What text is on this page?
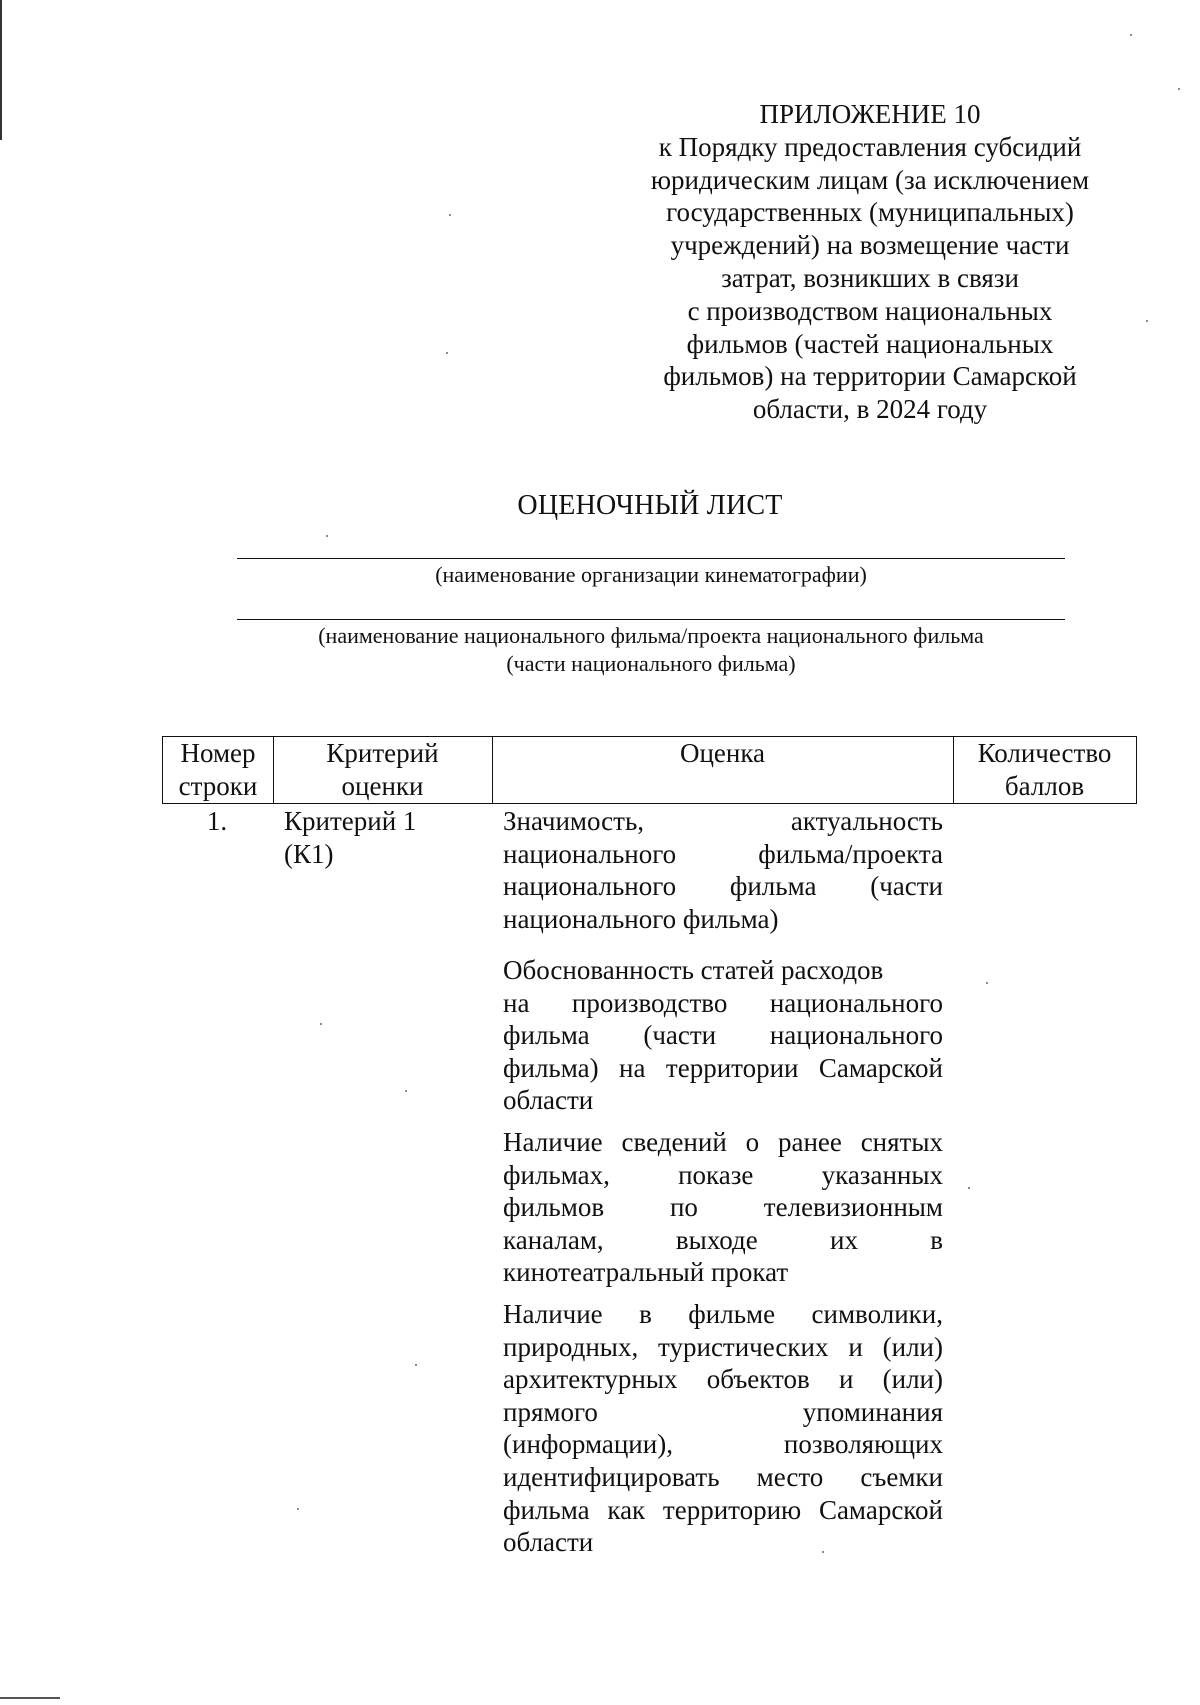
ПРИЛОЖЕНИЕ 10
к Порядку предоставления субсидий
юридическим лицам (за исключением
государственных (муниципальных)
учреждений) на возмещение части
затрат, возникших в связи
с производством национальных
фильмов (частей национальных
фильмов) на территории Самарской
области, в 2024 году
ОЦЕНОЧНЫЙ ЛИСТ
(наименование организации кинематографии)
(наименование национального фильма/проекта национального фильма
(части национального фильма)
Номер
строки
Критерий
оценки
Оценка	Количество
баллов
1.	Критерий 1
(К1)
Значимость, актуальность
национального фильма/проекта
национального фильма (части
национального фильма)
Обоснованность статей расходов
на производство национального
фильма (части национального
фильма) на территории Самарской
области
Наличие сведений о ранее снятых
фильмах, показе указанных
фильмов по телевизионным
каналам, выходе их в
кинотеатральный прокат
Наличие в фильме символики,
природных, туристических и (или)
архитектурных объектов и (или)
прямого упоминания
(информации), позволяющих
идентифицировать место съемки
фильма как территорию Самарской
области
